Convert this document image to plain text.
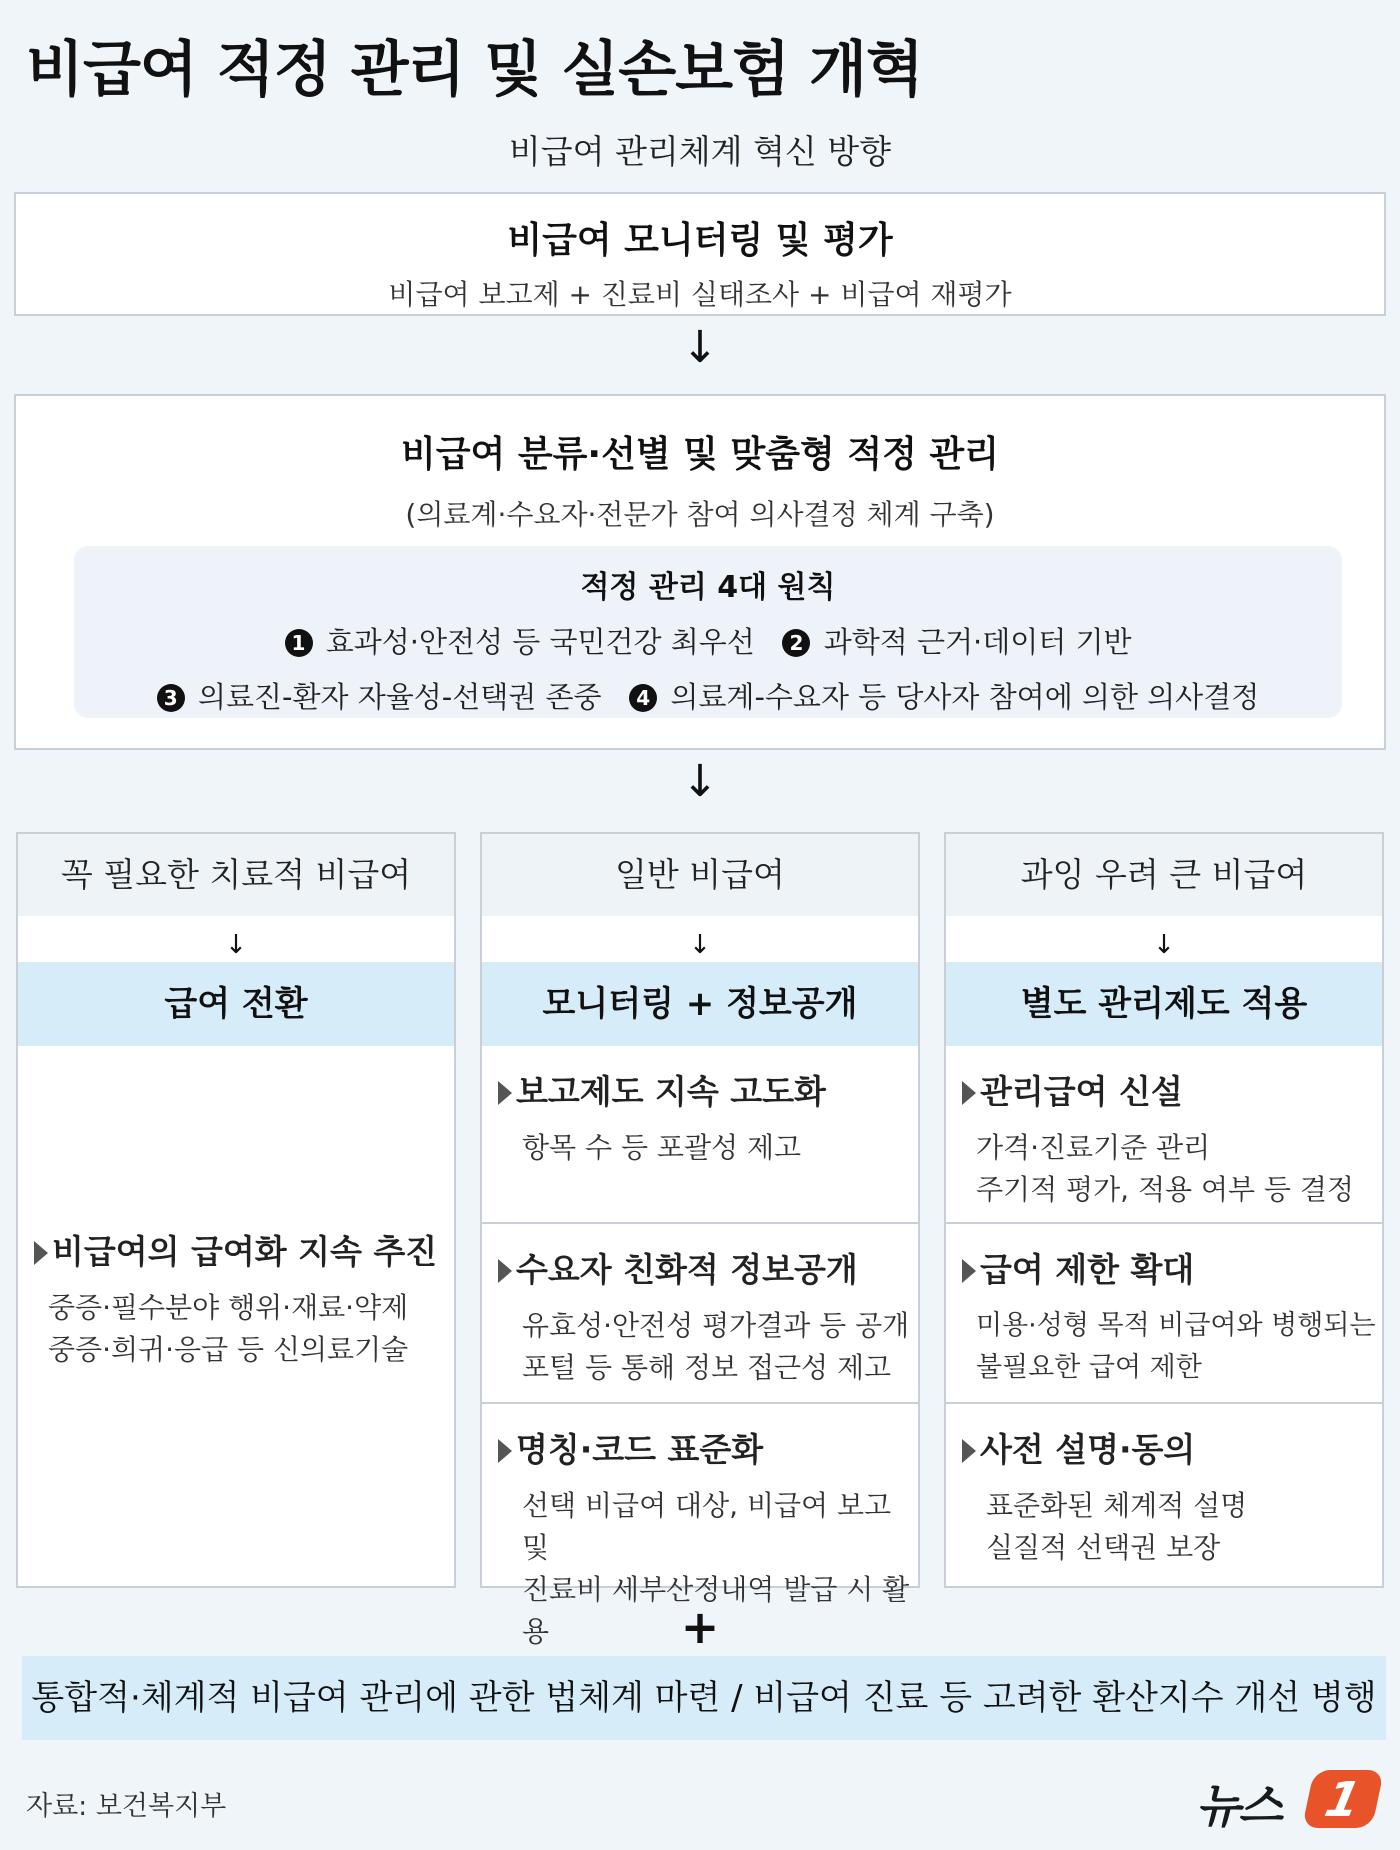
비급여 적정 관리 및 실손보험 개혁
비급여 관리체계 혁신 방향
비급여 모니터링 및 평가
비급여 보고제 + 진료비 실태조사 + 비급여 재평가
↓
비급여 분류·선별 및 맞춤형 적정 관리
(의료계·수요자·전문가 참여 의사결정 체계 구축)
적정 관리 4대 원칙
1 효과성·안전성 등 국민건강 최우선 2 과학적 근거·데이터 기반
3 의료진-환자 자율성-선택권 존중 4 의료계-수요자 등 당사자 참여에 의한 의사결정
↓
꼭 필요한 치료적 비급여
↓
급여 전환
비급여의 급여화 지속 추진
중증·필수분야 행위·재료·약제
중증·희귀·응급 등 신의료기술
일반 비급여
↓
모니터링 + 정보공개
보고제도 지속 고도화
항목 수 등 포괄성 제고
수요자 친화적 정보공개
유효성·안전성 평가결과 등 공개
포털 등 통해 정보 접근성 제고
명칭·코드 표준화
선택 비급여 대상, 비급여 보고 및
진료비 세부산정내역 발급 시 활용
과잉 우려 큰 비급여
↓
별도 관리제도 적용
관리급여 신설
가격·진료기준 관리
주기적 평가, 적용 여부 등 결정
급여 제한 확대
미용·성형 목적 비급여와 병행되는
불필요한 급여 제한
사전 설명·동의
표준화된 체계적 설명
실질적 선택권 보장
+
통합적·체계적 비급여 관리에 관한 법체계 마련 / 비급여 진료 등 고려한 환산지수 개선 병행
자료: 보건복지부	뉴스 1
